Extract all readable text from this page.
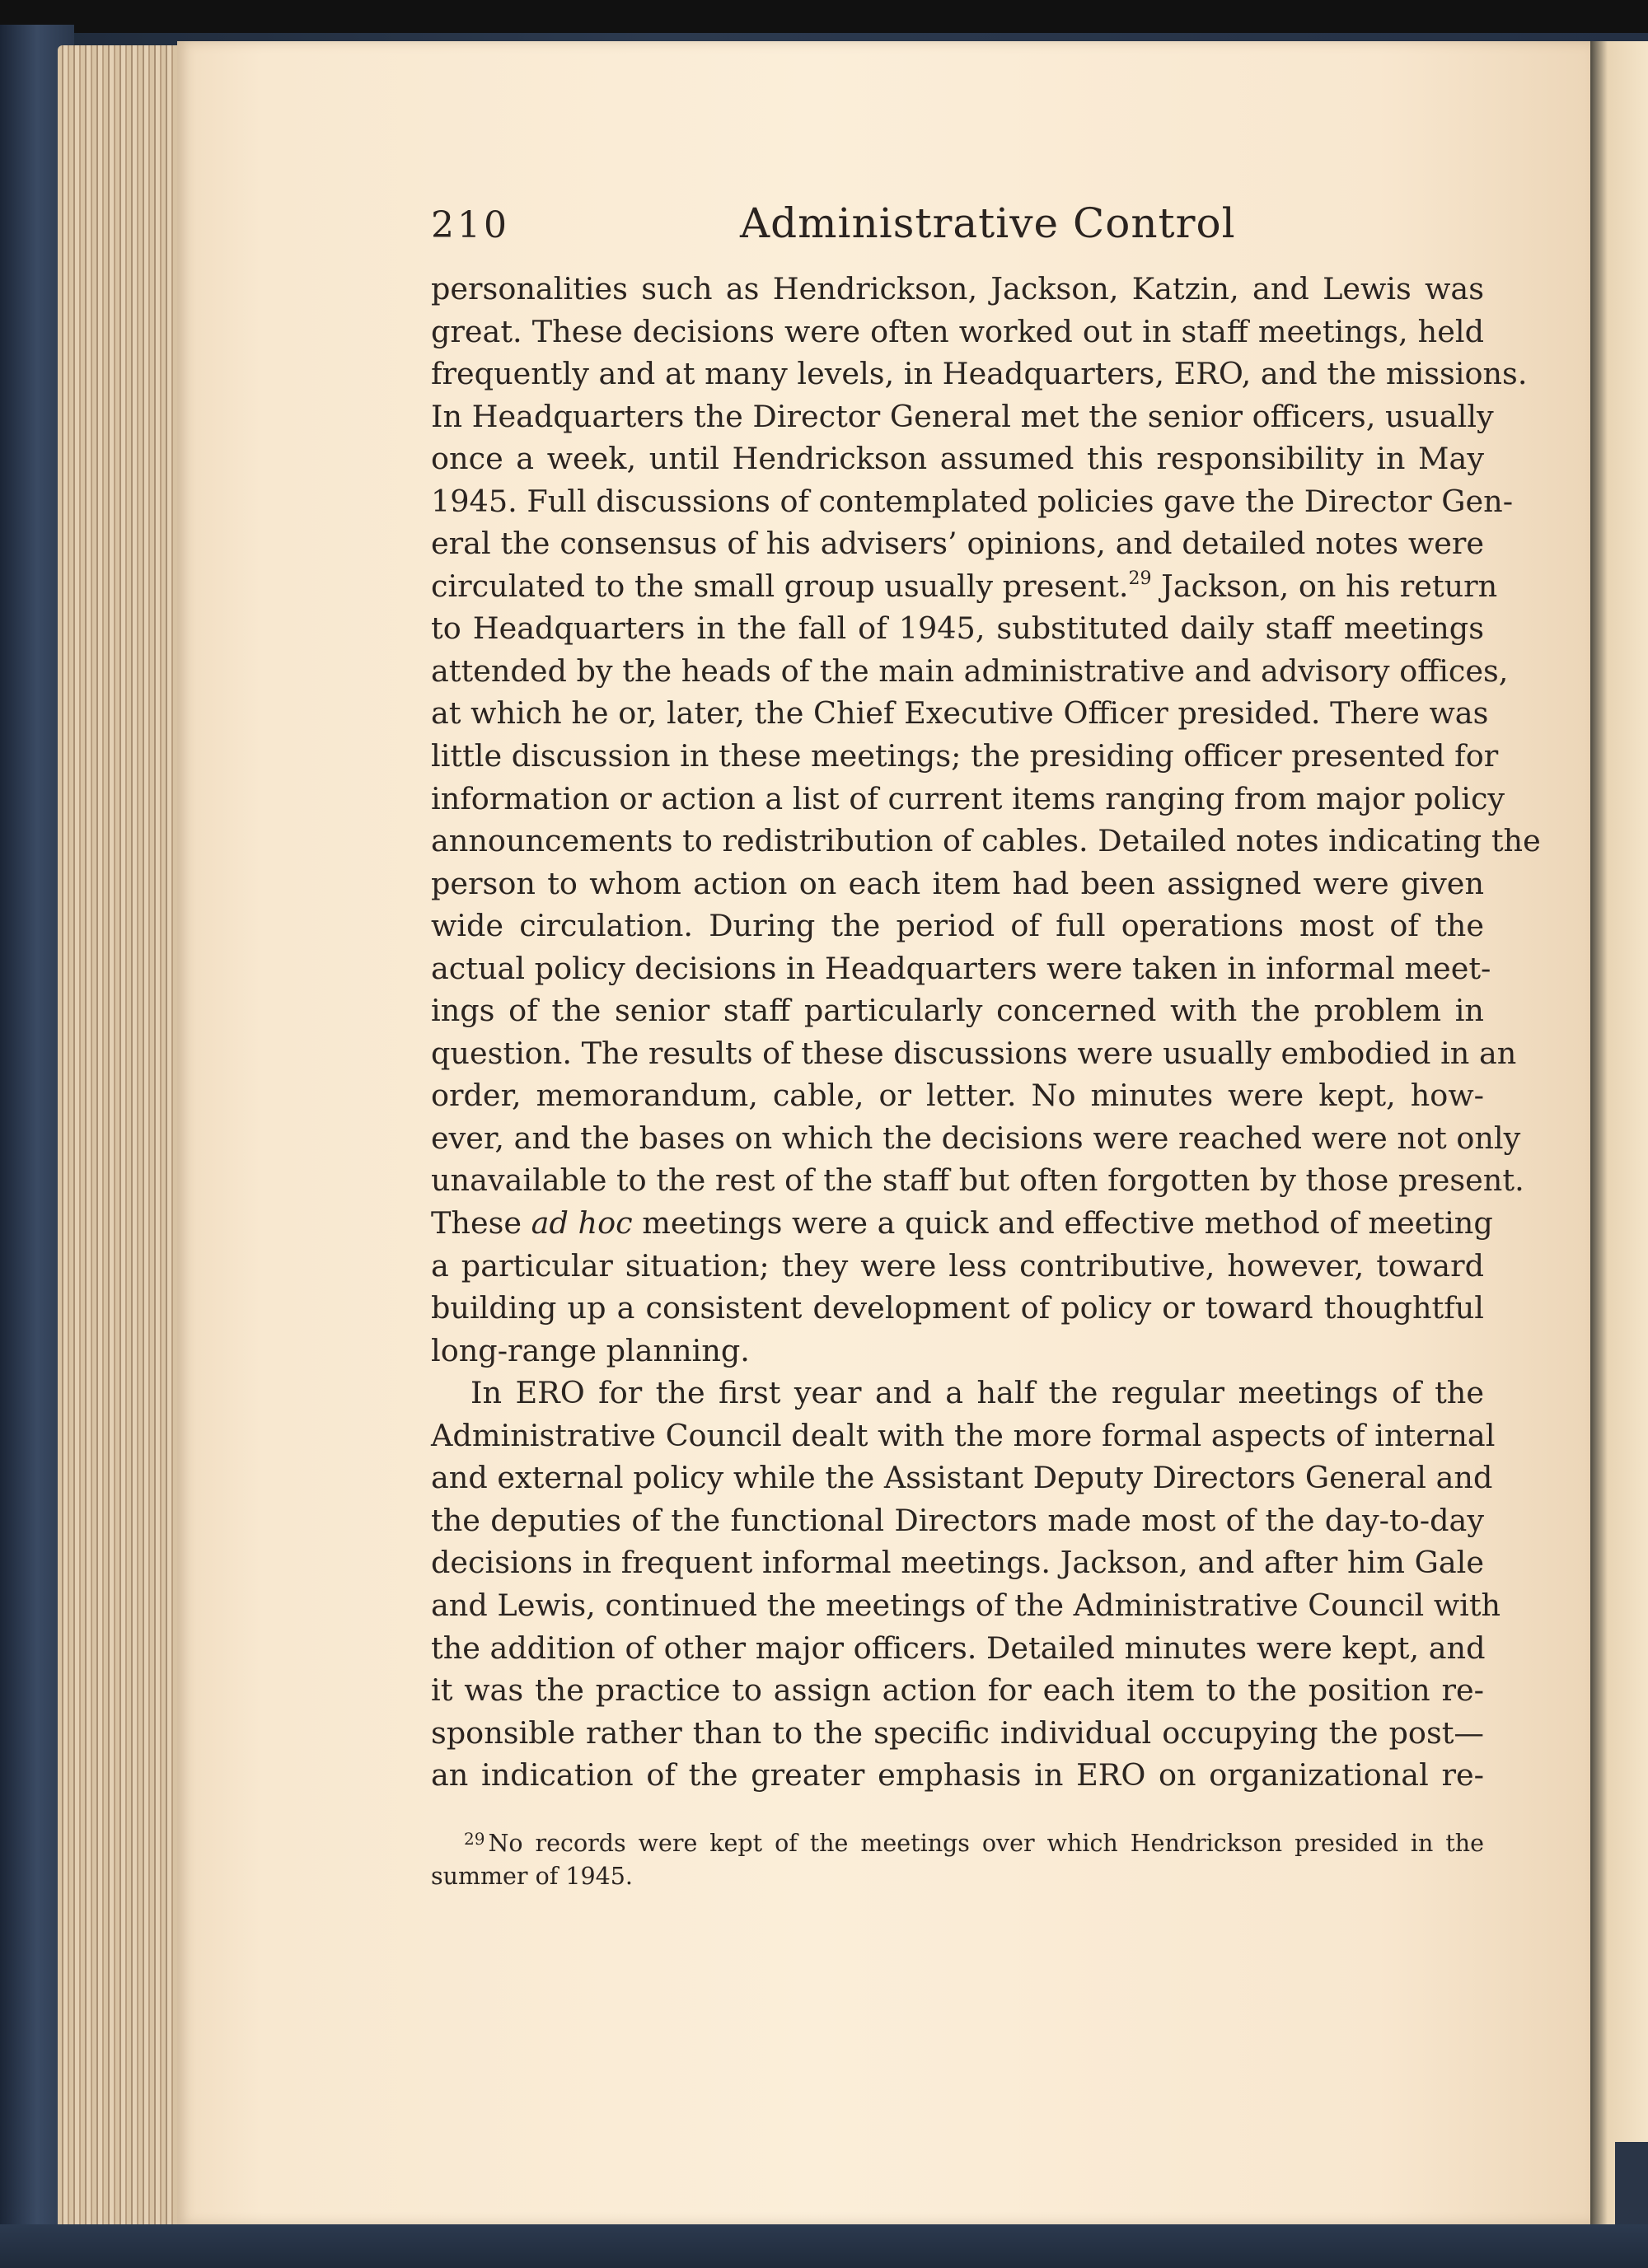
210	Administrative Control
personalities such as Hendrickson, Jackson, Katzin, and Lewis was
great. These decisions were often worked out in staff meetings, held
frequently and at many levels, in Headquarters, ERO, and the missions.
In Headquarters the Director General met the senior officers, usually
once a week, until Hendrickson assumed this responsibility in May
1945. Full discussions of contemplated policies gave the Director Gen-
eral the consensus of his advisers’ opinions, and detailed notes were
circulated to the small group usually present.$^{29}$ Jackson, on his return
to Headquarters in the fall of 1945, substituted daily staff meetings
attended by the heads of the main administrative and advisory offices,
at which he or, later, the Chief Executive Officer presided. There was
little discussion in these meetings; the presiding officer presented for
information or action a list of current items ranging from major policy
announcements to redistribution of cables. Detailed notes indicating the
person to whom action on each item had been assigned were given
wide circulation. During the period of full operations most of the
actual policy decisions in Headquarters were taken in informal meet-
ings of the senior staff particularly concerned with the problem in
question. The results of these discussions were usually embodied in an
order, memorandum, cable, or letter. No minutes were kept, how-
ever, and the bases on which the decisions were reached were not only
unavailable to the rest of the staff but often forgotten by those present.
These ad hoc meetings were a quick and effective method of meeting
a particular situation; they were less contributive, however, toward
building up a consistent development of policy or toward thoughtful
long-range planning.
In ERO for the first year and a half the regular meetings of the
Administrative Council dealt with the more formal aspects of internal
and external policy while the Assistant Deputy Directors General and
the deputies of the functional Directors made most of the day-to-day
decisions in frequent informal meetings. Jackson, and after him Gale
and Lewis, continued the meetings of the Administrative Council with
the addition of other major officers. Detailed minutes were kept, and
it was the practice to assign action for each item to the position re-
sponsible rather than to the specific individual occupying the post—
an indication of the greater emphasis in ERO on organizational re-
$^{29}$ No records were kept of the meetings over which Hendrickson presided in the
summer of 1945.
